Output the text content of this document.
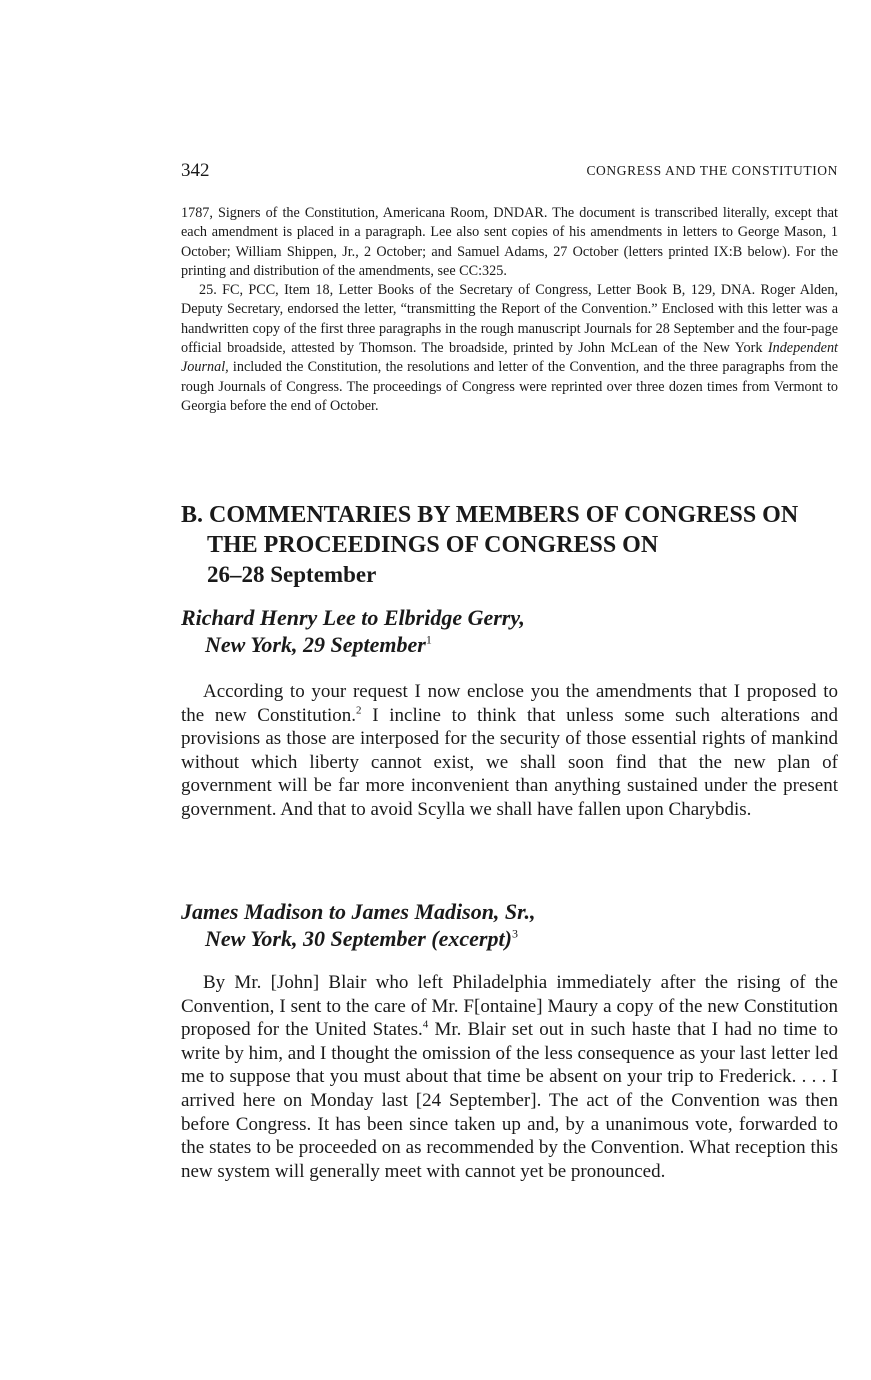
342	CONGRESS AND THE CONSTITUTION

1787, Signers of the Constitution, Americana Room, DNDAR. The document is transcribed literally, except that each amendment is placed in a paragraph. Lee also sent copies of his amendments in letters to George Mason, 1 October; William Shippen, Jr., 2 October; and Samuel Adams, 27 October (letters printed IX:B below). For the printing and distribution of the amendments, see CC:325.

25. FC, PCC, Item 18, Letter Books of the Secretary of Congress, Letter Book B, 129, DNA. Roger Alden, Deputy Secretary, endorsed the letter, “transmitting the Report of the Convention.” Enclosed with this letter was a handwritten copy of the first three paragraphs in the rough manuscript Journals for 28 September and the four-page official broadside, attested by Thomson. The broadside, printed by John McLean of the New York Independent Journal, included the Constitution, the resolutions and letter of the Convention, and the three paragraphs from the rough Journals of Congress. The proceedings of Congress were reprinted over three dozen times from Vermont to Georgia before the end of October.

B. COMMENTARIES BY MEMBERS OF CONGRESS ON
THE PROCEEDINGS OF CONGRESS ON
26–28 September
Richard Henry Lee to Elbridge Gerry,
New York, 29 September$^1$

According to your request I now enclose you the amendments that I proposed to the new Constitution.$^2$ I incline to think that unless some such alterations and provisions as those are interposed for the security of those essential rights of mankind without which liberty cannot exist, we shall soon find that the new plan of government will be far more inconvenient than anything sustained under the present government. And that to avoid Scylla we shall have fallen upon Charybdis.

James Madison to James Madison, Sr.,
New York, 30 September (excerpt)$^3$

By Mr. [John] Blair who left Philadelphia immediately after the rising of the Convention, I sent to the care of Mr. F[ontaine] Maury a copy of the new Constitution proposed for the United States.$^4$ Mr. Blair set out in such haste that I had no time to write by him, and I thought the omission of the less consequence as your last letter led me to suppose that you must about that time be absent on your trip to Frederick. . . . I arrived here on Monday last [24 September]. The act of the Convention was then before Congress. It has been since taken up and, by a unanimous vote, forwarded to the states to be proceeded on as recommended by the Convention. What reception this new system will generally meet with cannot yet be pronounced.
